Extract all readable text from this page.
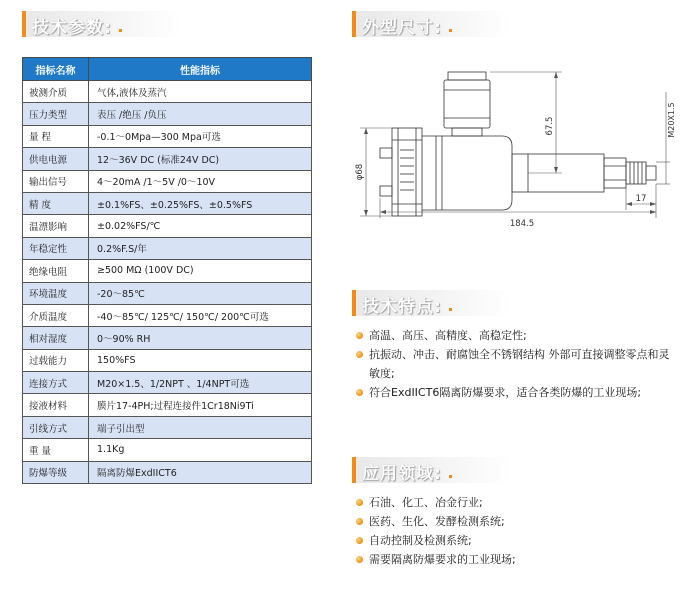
技术参数:	外型尺寸:
技术特点:
应用领域:
指标名称	性能指标
被测介质	气体,液体及蒸汽
压力类型	表压 /绝压 /负压
量 程	-0.1～0Mpa—300 Mpa可选
供电电源	12～36V DC (标准24V DC)
输出信号	4～20mA /1～5V /0～10V
精 度	±0.1%FS、±0.25%FS、±0.5%FS
温漂影响	±0.02%FS/℃
年稳定性	0.2%F.S/年
绝缘电阻	≥500 MΩ (100V DC)
环境温度	-20～85℃
介质温度	-40～85℃/ 125℃/ 150℃/ 200℃可选
相对湿度	0～90% RH
过载能力	150%FS
连接方式	M20×1.5、1/2NPT 、1/4NPT可选
接液材料	膜片17-4PH;过程连接件1Cr18Ni9Ti
引线方式	端子引出型
重 量	1.1Kg
防爆等级	隔离防爆ExdIICT6
67.5
φ68
M20X1.5
184.5
17
高温、高压、高精度、高稳定性;
抗振动、冲击、耐腐蚀全不锈钢结构 外部可直接调整零点和灵
敏度;
符合ExdIICT6隔离防爆要求，适合各类防爆的工业现场;
石油、化工、冶金行业;
医药、生化、发酵检测系统;
自动控制及检测系统;
需要隔离防爆要求的工业现场;
